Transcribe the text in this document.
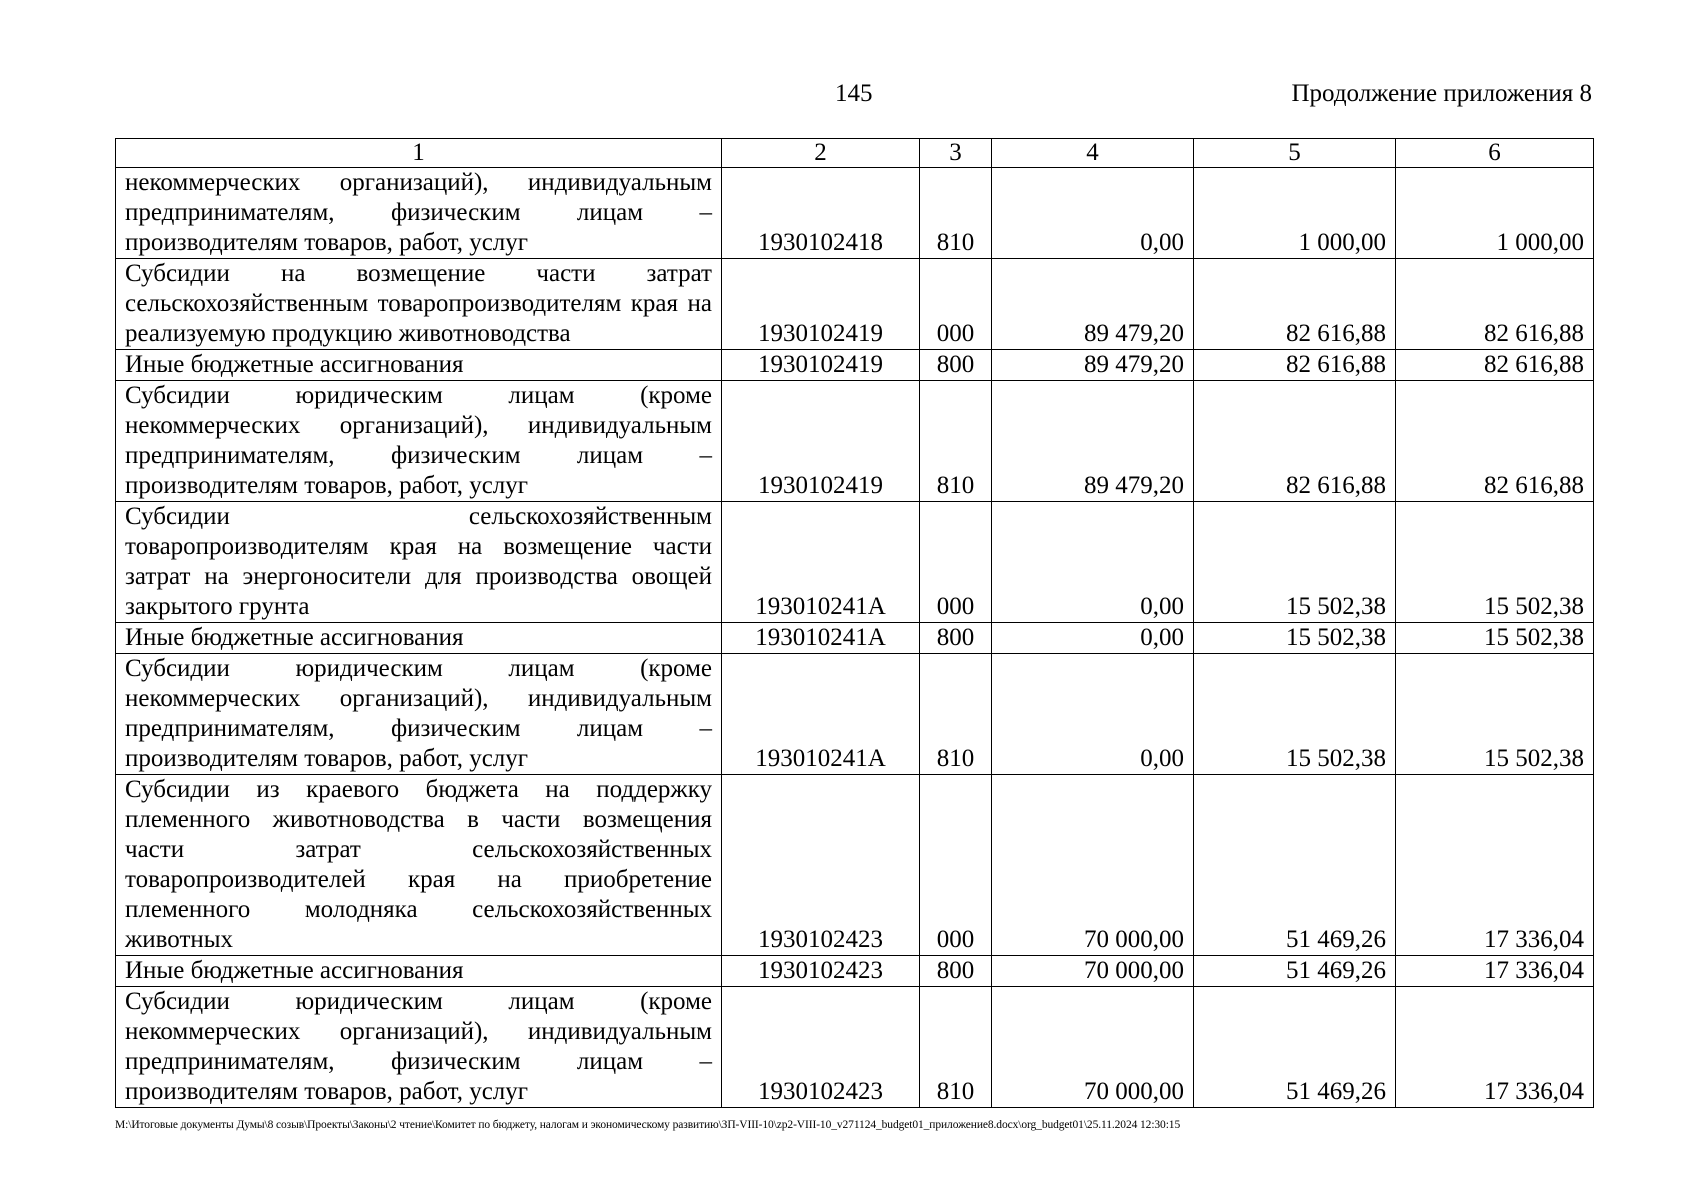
145	Продолжение приложения 8
1	2	3	4	5	6
некоммерческих организаций), индивидуальным предпринимателям, физическим лицам – производителям товаров, работ, услуг	1930102418	810	0,00	1 000,00	1 000,00
Субсидии на возмещение части затрат сельскохозяйственным товаропроизводителям края на реализуемую продукцию животноводства	1930102419	000	89 479,20	82 616,88	82 616,88
Иные бюджетные ассигнования	1930102419	800	89 479,20	82 616,88	82 616,88
Субсидии юридическим лицам (кроме некоммерческих организаций), индивидуальным предпринимателям, физическим лицам – производителям товаров, работ, услуг	1930102419	810	89 479,20	82 616,88	82 616,88
Субсидии сельскохозяйственным товаропроизводителям края на возмещение части затрат на энергоносители для производства овощей закрытого грунта	193010241А	000	0,00	15 502,38	15 502,38
Иные бюджетные ассигнования	193010241А	800	0,00	15 502,38	15 502,38
Субсидии юридическим лицам (кроме некоммерческих организаций), индивидуальным предпринимателям, физическим лицам – производителям товаров, работ, услуг	193010241А	810	0,00	15 502,38	15 502,38
Субсидии из краевого бюджета на поддержку племенного животноводства в части возмещения части затрат сельскохозяйственных товаропроизводителей края на приобретение племенного молодняка сельскохозяйственных животных	1930102423	000	70 000,00	51 469,26	17 336,04
Иные бюджетные ассигнования	1930102423	800	70 000,00	51 469,26	17 336,04
Субсидии юридическим лицам (кроме некоммерческих организаций), индивидуальным предпринимателям, физическим лицам – производителям товаров, работ, услуг	1930102423	810	70 000,00	51 469,26	17 336,04
M:\Итоговые документы Думы\8 созыв\Проекты\Законы\2 чтение\Комитет по бюджету, налогам и экономическому развитию\ЗП-VIII-10\zp2-VIII-10_v271124_budget01_приложение8.docx\org_budget01\25.11.2024 12:30:15
